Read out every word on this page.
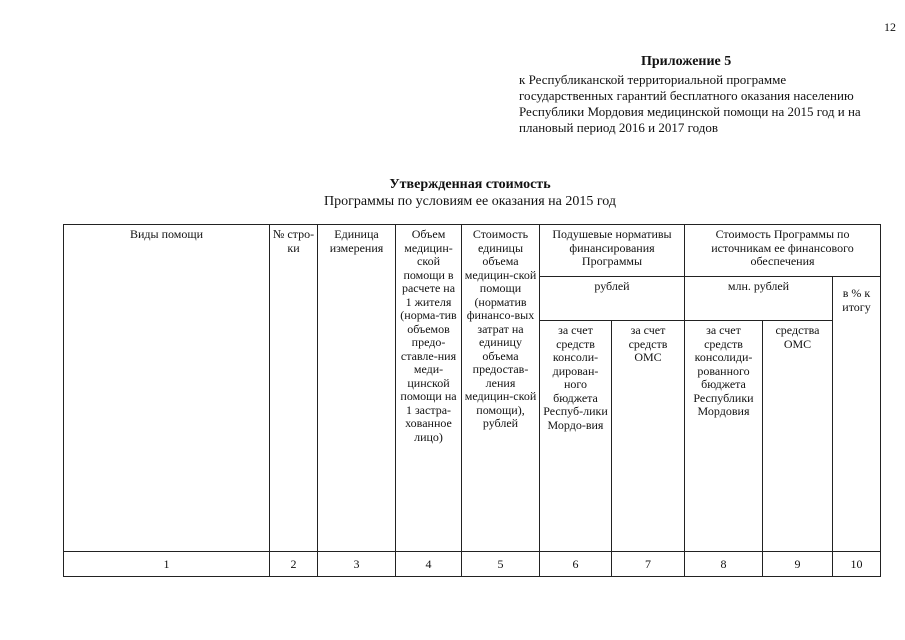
12
Приложение 5
к Республиканской территориальной программе государственных гарантий бесплатного оказания населению Республики Мордовия медицинской помощи на 2015 год и на плановый период 2016 и 2017 годов
Утвержденная стоимость
Программы по условиям ее оказания на 2015 год
Виды помощи	№ стро-ки	Единица измерения	Объем медицин-ской помощи в расчете на 1 жителя (норма-тив объемов предо-ставле-ния меди-цинской помощи на 1 застра-хованное лицо)	Стоимость единицы объема медицин-ской помощи (норматив финансо-вых затрат на единицу объема предостав-ления медицин-ской помощи), рублей	Подушевые нормативы финансирования Программы		Стоимость Программы по источникам ее финансового обеспечения		
					рублей		млн. рублей		в % к итогу
					за счет средств консоли-дирован-ного бюджета Респуб-лики Мордо-вия	за счет средств ОМС	за счет средств консолиди-рованного бюджета Республики Мордовия	средства ОМС	
1	2	3	4	5	6	7	8	9	10
